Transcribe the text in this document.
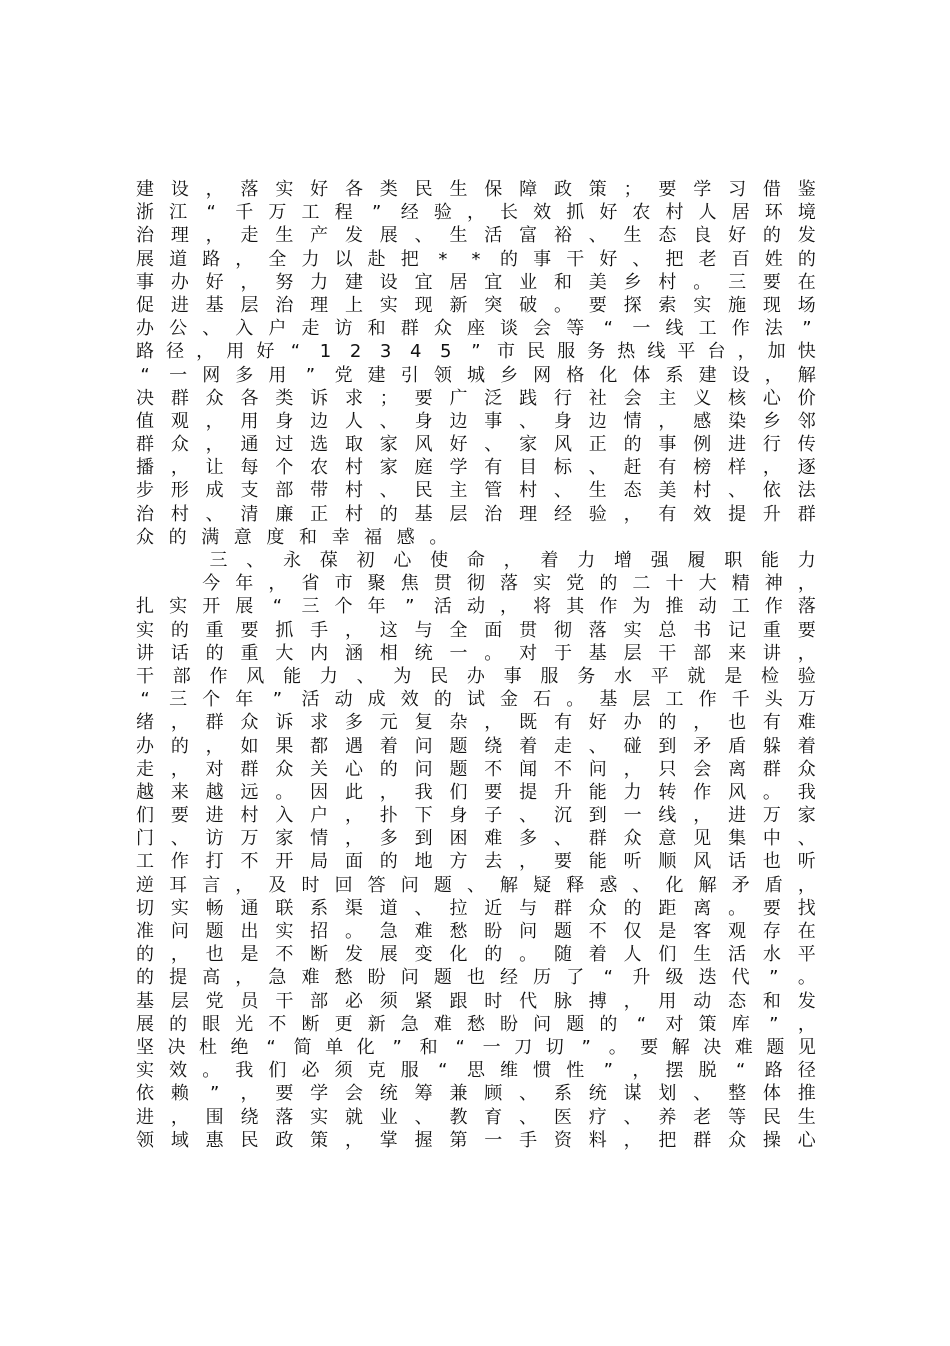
建 设 ， 落 实 好 各 类 民 生 保 障 政 策 ； 要 学 习 借 鉴
浙 江 “ 千 万 工 程 ” 经 验 ， 长 效 抓 好 农 村 人 居 环 境
治 理 ， 走 生 产 发 展 、 生 活 富 裕 、 生 态 良 好 的 发
展 道 路 ， 全 力 以 赴 把 * * 的 事 干 好 、 把 老 百 姓 的
事 办 好 ， 努 力 建 设 宜 居 宜 业 和 美 乡 村 。 三 要 在
促 进 基 层 治 理 上 实 现 新 突 破 。 要 探 索 实 施 现 场
办 公 、 入 户 走 访 和 群 众 座 谈 会 等 “ 一 线 工 作 法 ”
路 径 ， 用 好 “ 1 2 3 4 5 ” 市 民 服 务 热 线 平 台 ， 加 快
“ 一 网 多 用 ” 党 建 引 领 城 乡 网 格 化 体 系 建 设 ， 解
决 群 众 各 类 诉 求 ； 要 广 泛 践 行 社 会 主 义 核 心 价
值 观 ， 用 身 边 人 、 身 边 事 、 身 边 情 ， 感 染 乡 邻
群 众 ， 通 过 选 取 家 风 好 、 家 风 正 的 事 例 进 行 传
播 ， 让 每 个 农 村 家 庭 学 有 目 标 、 赶 有 榜 样 ， 逐
步 形 成 支 部 带 村 、 民 主 管 村 、 生 态 美 村 、 依 法
治 村 、 清 廉 正 村 的 基 层 治 理 经 验 ， 有 效 提 升 群
众 的 满 意 度 和 幸 福 感 。

三 、 永 葆 初 心 使 命 ， 着 力 增 强 履 职 能 力

今 年 ， 省 市 聚 焦 贯 彻 落 实 党 的 二 十 大 精 神 ，
扎 实 开 展 “ 三 个 年 ” 活 动 ， 将 其 作 为 推 动 工 作 落
实 的 重 要 抓 手 ， 这 与 全 面 贯 彻 落 实 总 书 记 重 要
讲 话 的 重 大 内 涵 相 统 一 。 对 于 基 层 干 部 来 讲 ，
干 部 作 风 能 力 、 为 民 办 事 服 务 水 平 就 是 检 验
“ 三 个 年 ” 活 动 成 效 的 试 金 石 。 基 层 工 作 千 头 万
绪 ， 群 众 诉 求 多 元 复 杂 ， 既 有 好 办 的 ， 也 有 难
办 的 ， 如 果 都 遇 着 问 题 绕 着 走 、 碰 到 矛 盾 躲 着
走 ， 对 群 众 关 心 的 问 题 不 闻 不 问 ， 只 会 离 群 众
越 来 越 远 。 因 此 ， 我 们 要 提 升 能 力 转 作 风 。 我
们 要 进 村 入 户 ， 扑 下 身 子 、 沉 到 一 线 ， 进 万 家
门 、 访 万 家 情 ， 多 到 困 难 多 、 群 众 意 见 集 中 、
工 作 打 不 开 局 面 的 地 方 去 ， 要 能 听 顺 风 话 也 听
逆 耳 言 ， 及 时 回 答 问 题 、 解 疑 释 惑 、 化 解 矛 盾 ，
切 实 畅 通 联 系 渠 道 、 拉 近 与 群 众 的 距 离 。 要 找
准 问 题 出 实 招 。 急 难 愁 盼 问 题 不 仅 是 客 观 存 在
的 ， 也 是 不 断 发 展 变 化 的 。 随 着 人 们 生 活 水 平
的 提 高 ， 急 难 愁 盼 问 题 也 经 历 了 “ 升 级 迭 代 ” 。
基 层 党 员 干 部 必 须 紧 跟 时 代 脉 搏 ， 用 动 态 和 发
展 的 眼 光 不 断 更 新 急 难 愁 盼 问 题 的 “ 对 策 库 ” ，
坚 决 杜 绝 “ 简 单 化 ” 和 “ 一 刀 切 ” 。 要 解 决 难 题 见
实 效 。 我 们 必 须 克 服 “ 思 维 惯 性 ” ， 摆 脱 “ 路 径
依 赖 ” ， 要 学 会 统 筹 兼 顾 、 系 统 谋 划 、 整 体 推
进 ， 围 绕 落 实 就 业 、 教 育 、 医 疗 、 养 老 等 民 生
领 域 惠 民 政 策 ， 掌 握 第 一 手 资 料 ， 把 群 众 操 心
